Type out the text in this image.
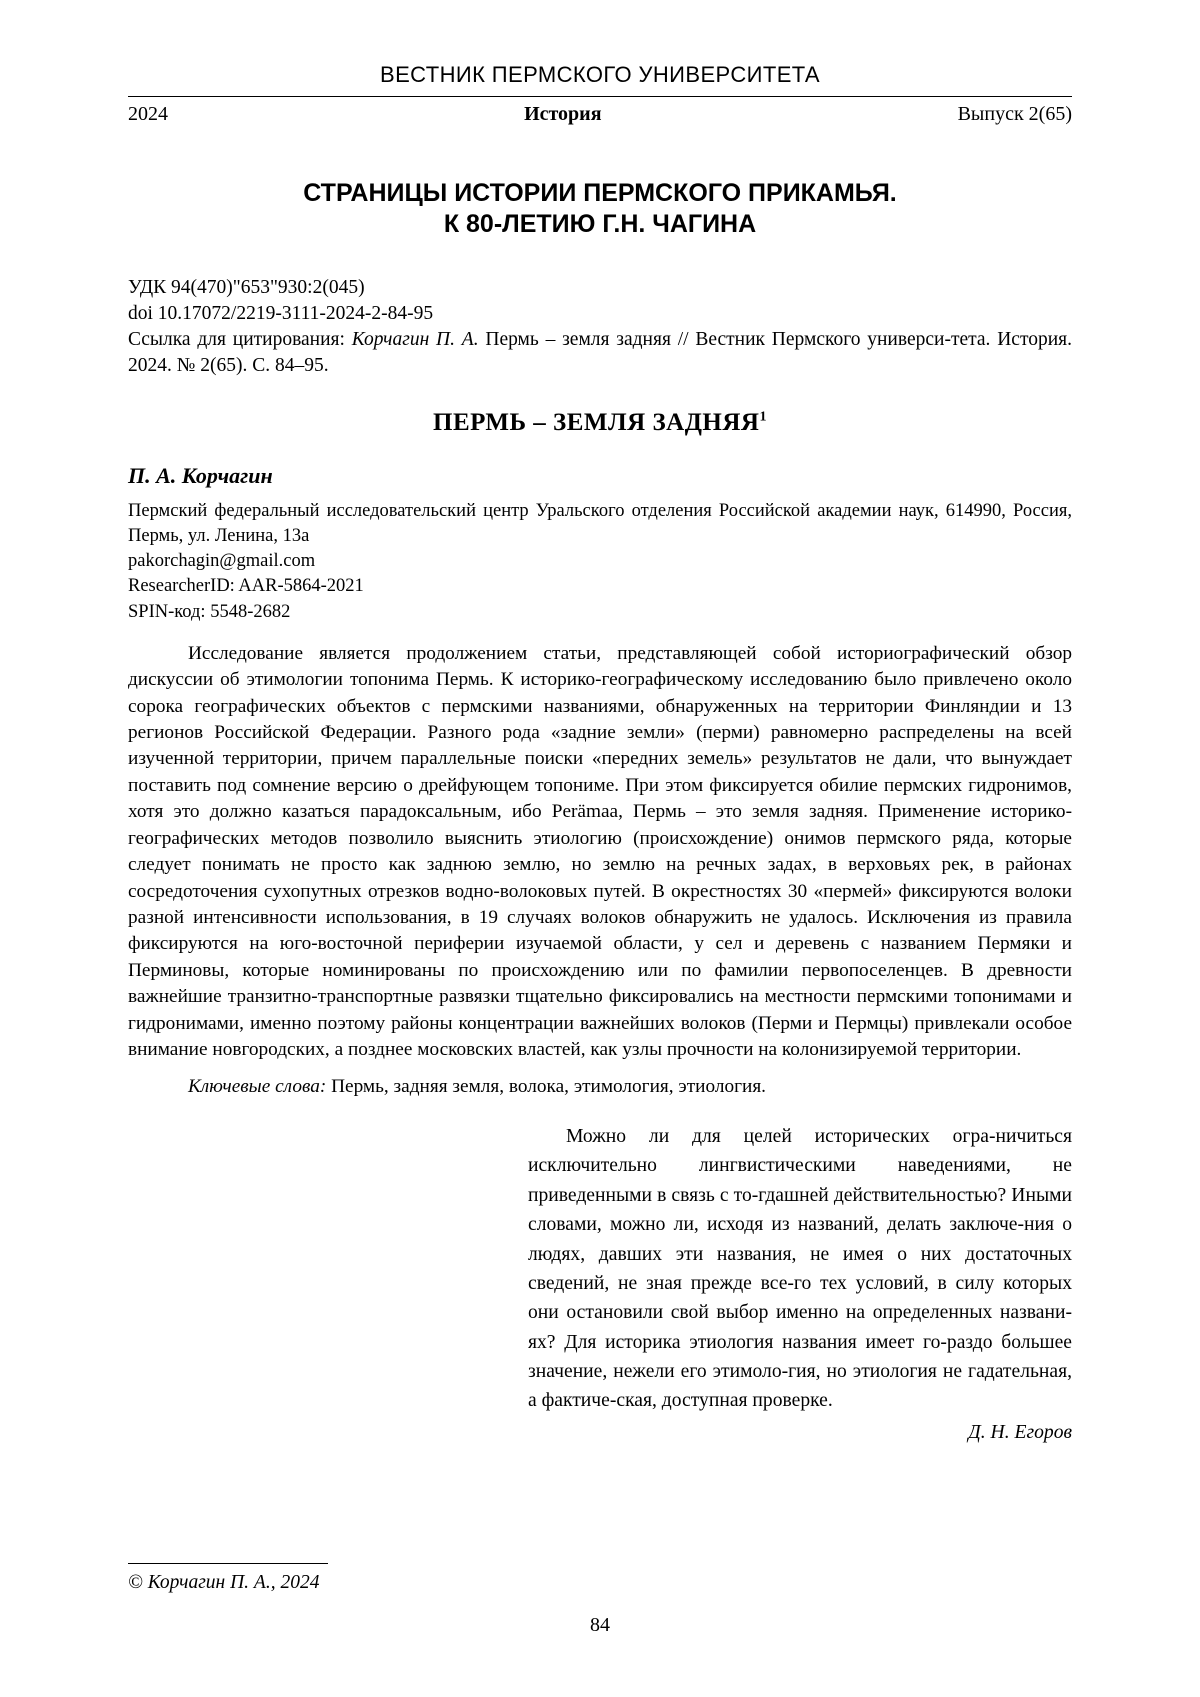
ВЕСТНИК ПЕРМСКОГО УНИВЕРСИТЕТА
2024	История	Выпуск 2(65)
СТРАНИЦЫ ИСТОРИИ ПЕРМСКОГО ПРИКАМЬЯ.
К 80-ЛЕТИЮ Г.Н. ЧАГИНА
УДК 94(470)"653"930:2(045)
doi 10.17072/2219-3111-2024-2-84-95
Ссылка для цитирования: Корчагин П. А. Пермь – земля задняя // Вестник Пермского универси-тета. История. 2024. № 2(65). С. 84–95.
ПЕРМЬ – ЗЕМЛЯ ЗАДНЯЯ$^1$
П. А. Корчагин
Пермский федеральный исследовательский центр Уральского отделения Российской академии наук, 614990, Россия, Пермь, ул. Ленина, 13а
pakorchagin@gmail.com
ResearcherID: AAR-5864-2021
SPIN-код: 5548-2682
Исследование является продолжением статьи, представляющей собой историографический обзор дискуссии об этимологии топонима Пермь. К историко-географическому исследованию было привлечено около сорока географических объектов с пермскими названиями, обнаруженных на территории Финляндии и 13 регионов Российской Федерации. Разного рода «задние земли» (перми) равномерно распределены на всей изученной территории, причем параллельные поиски «передних земель» результатов не дали, что вынуждает поставить под сомнение версию о дрейфующем топониме. При этом фиксируется обилие пермских гидронимов, хотя это должно казаться парадоксальным, ибо Perämaa, Пермь – это земля задняя. Применение историко-географических методов позволило выяснить этиологию (происхождение) онимов пермского ряда, которые следует понимать не просто как заднюю землю, но землю на речных задах, в верховьях рек, в районах сосредоточения сухопутных отрезков водно-волоковых путей. В окрестностях 30 «пермей» фиксируются волоки разной интенсивности использования, в 19 случаях волоков обнаружить не удалось. Исключения из правила фиксируются на юго-восточной периферии изучаемой области, у сел и деревень с названием Пермяки и Перминовы, которые номинированы по происхождению или по фамилии первопоселенцев. В древности важнейшие транзитно-транспортные развязки тщательно фиксировались на местности пермскими топонимами и гидронимами, именно поэтому районы концентрации важнейших волоков (Перми и Пермцы) привлекали особое внимание новгородских, а позднее московских властей, как узлы прочности на колонизируемой территории.
Ключевые слова: Пермь, задняя земля, волока, этимология, этиология.
Можно ли для целей исторических огра-ничиться исключительно лингвистическими наведениями, не приведенными в связь с то-гдашней действительностью? Иными словами, можно ли, исходя из названий, делать заключе-ния о людях, давших эти названия, не имея о них достаточных сведений, не зная прежде все-го тех условий, в силу которых они остановили свой выбор именно на определенных названи-ях? Для историка этиология названия имеет го-раздо большее значение, нежели его этимоло-гия, но этиология не гадательная, а фактиче-ская, доступная проверке.
Д. Н. Егоров
© Корчагин П. А., 2024
84
